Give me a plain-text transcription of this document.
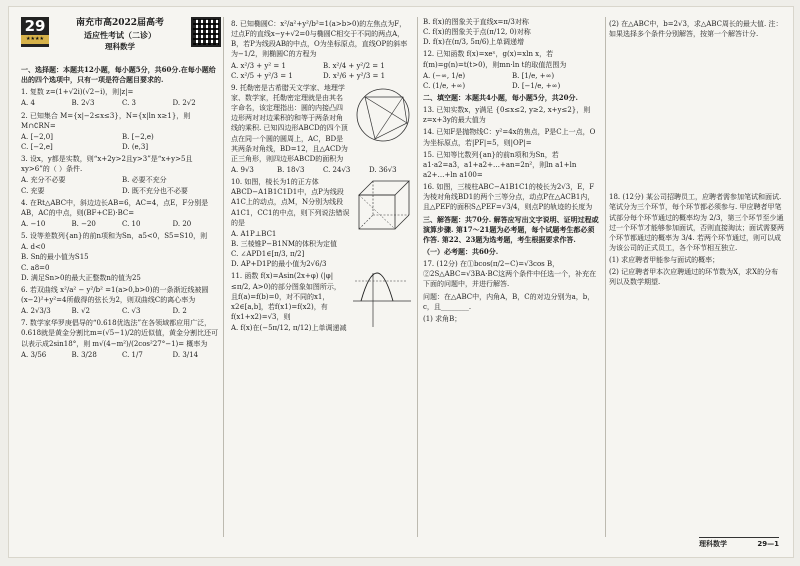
29
★★★★
南充市高2022届高考
适应性考试（二诊）
理科数学
一、选择题：本题共12小题，每小题5分，共60分.在每小题给出的四个选项中，只有一项是符合题目要求的.
1. 复数 z=(1+√2i)(√2−i)，则|z|=
A. 4	B. 2√3	C. 3	D. 2√2
2. 已知集合 M={x|−2≤x≤3}，N={x|ln x≥1}，则 M∩∁RN=
A. [−2,0]	B. [−2,e)
C. [−2,e]	D. (e,3]
3. 设x，y都是实数，则“x+2y>2且y>3”是“x+y>5且xy>6”的（ ）条件.
A. 充分不必要	B. 必要不充分
C. 充要	D. 既不充分也不必要
4. 在Rt△ABC中，斜边边长AB=6，AC=4，点E，F分别是AB，AC的中点，则(BF+CE)·BC=
A. −10	B. −20	C. 10	D. 20
5. 设等差数列{an}的前n项和为Sn，a5<0，S5=S10，则
A. d<0
B. Sn的最小值为S15
C. a8=0
D. 满足Sn>0的最大正整数n的值为25
6. 若双曲线 x²/a² − y²/b² =1(a>0,b>0)的一条渐近线被圆(x−2)²+y²=4所截得的弦长为2，则双曲线C的离心率为
A. 2√3/3	B. √2	C. √3	D. 2
7. 数学家华罗庚倡导的“0.618优选法”在各领域都应用广泛，0.618就是黄金分割比m=(√5−1)/2的近似值，黄金分割比还可以表示成2sin18°，则 m√(4−m²)/(2cos²27°−1)= 概率为
A. 3/56	B. 3/28	C. 1/7	D. 3/14
8. 已知椭圆C：x²/a²+y²/b²=1(a>b>0)的左焦点为F，过点F的直线x−y+√2=0与椭圆C相交于不同的两点A，B，若P为线段AB的中点，O为坐标原点，直线OP的斜率为−1/2，则椭圆C的方程为
A. x²/3 + y² = 1	B. x²/4 + y²/2 = 1
C. x²/5 + y²/3 = 1	D. x²/6 + y²/3 = 1
9. 托勒密是古希腊天文学家、地理学家、数学家，托勒密定理就是由其名字命名，该定理指出：圆的内接凸四边形两对对边乘积的和等于两条对角线的乘积. 已知四边形ABCD的四个顶点在同一个圆的圆周上，AC，BD是其两条对角线，BD=12，且△ACD为正三角形，则四边形ABCD的面积为
A. 9√3	B. 18√3	C. 24√3	D. 36√3
10. 如图，棱长为1的正方体ABCD−A1B1C1D1中，点P为线段A1C上的动点，点M，N分别为线段A1C1，CC1的中点，则下列说法错误的是
A. A1P⊥BC1
B. 三棱锥P−B1NM的体积为定值
C. ∠APD1∈[π/3, π/2]
D. AP+D1P的最小值为2√6/3
11. 函数 f(x)=Asin(2x+φ) (|φ|≤π/2, A>0)的部分图象如图所示，且f(a)=f(b)=0，对不同的x1，x2∈[a,b]，若f(x1)=f(x2)，有f(x1+x2)=√3，则
A. f(x)在(−5π/12, π/12)上单调递减
B. f(x)的图象关于直线x=π/3对称
C. f(x)的图象关于点(π/12, 0)对称
D. f(x)在(π/3, 5π/6)上单调递增
12. 已知函数 f(x)=xeˣ，g(x)=xln x，若f(m)=g(n)=t(t>0)，则mn·ln t的取值范围为
A. (−∞, 1/e)	B. [1/e, +∞)
C. (1/e, +∞)	D. [−1/e, +∞)
二、填空题：本题共4小题，每小题5分，共20分.
13. 已知实数x，y满足 {0≤x≤2, y≥2, x+y≤2}，则z=x+3y的最大值为
14. 已知F是抛物线C：y²=4x的焦点，P是C上一点，O为坐标原点，若|PF|=5，则|OP|=
15. 已知等比数列{an}的前n项和为Sn，若a1·a2=a3，a1+a2+…+an=2n²，则ln a1+ln a2+…+ln a100=
16. 如图，三棱柱ABC−A1B1C1的棱长为2√3，E，F为棱对角线BD1的两个三等分点，动点P在△ACB1内，且△PEF的面积S△PEF=√3/4，则点P的轨迹的长度为
三、解答题：共70分. 解答应写出文字说明、证明过程或演算步骤. 第17～21题为必考题，每个试题考生都必须作答. 第22、23题为选考题，考生根据要求作答.
（一）必考题：共60分.
17. (12分) 在①bcos(π/2−C)=√3cos B，②2S△ABC=√3BA·BC这两个条件中任选一个，补充在下面的问题中，并进行解答.
问题：在△ABC中，内角A，B，C的对边分别为a，b，c，且________.
(1) 求角B；
(2) 在△ABC中，b=2√3，求△ABC周长的最大值. 注：如果选择多个条件分别解答，按第一个解答计分.
18. (12分) 某公司招聘员工，应聘者需参加笔试和面试. 笔试分为三个环节，每个环节都必须参与. 甲应聘者甲笔试部分每个环节通过的概率均为 2/3，第三个环节至少通过一个环节才能够参加面试，否则直接淘汰；面试需要两个环节都通过的概率为 3/4. 若两个环节通过，则可以成为该公司的正式员工，各个环节相互独立.
(1) 求应聘者甲能参与面试的概率；
(2) 记应聘者甲本次应聘通过的环节数为X，求X的分布列以及数学期望.
理科数学	29—1
